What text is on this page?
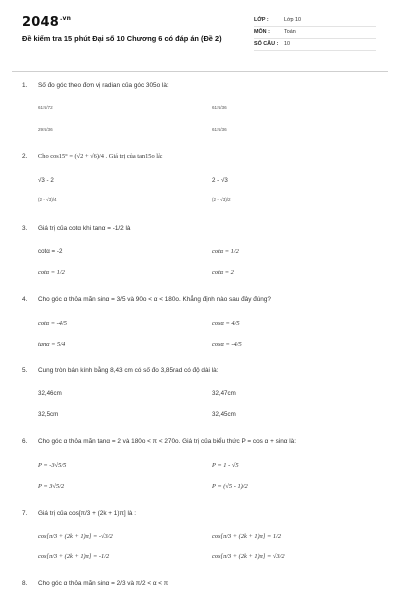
$2048^{.vn}$
Đề kiểm tra 15 phút Đại số 10 Chương 6 có đáp án (Đề 2)
LỚP :	Lớp 10
MÔN :	Toán
SỐ CÂU : 10
1. Số đo góc theo đơn vị radian của góc 305o là:
61π/72	61π/36
29π/36	61π/36
2. Cho cos15° = (√2 + √6)/4 . Giá trị của tan15o là:
√3 - 2	2 - √3
(2 - √3)/4	(2 - √3)/2
3. Giá trị của cotα khi tanα = -1/2 là
cotα = -2	cotα = 1/2
cotα = 1/2	cotα = 2
4. Cho góc α thỏa mãn sinα = 3/5 và 90o < α < 180o. Khẳng định nào sau đây đúng?
cotα = -4/5	cosα = 4/5
tanα = 5/4	cosα = -4/5
5. Cung tròn bán kính bằng 8,43 cm có số đo 3,85rad có độ dài là:
32,46cm	32,47cm
32,5cm	32,45cm
6. Cho góc α thỏa mãn tanα = 2 và 180o < π < 270o. Giá trị của biểu thức P = cos α + sinα là:
P = -3√5/5	P = 1 - √5
P = 3√5/2	P = (√5 - 1)/2
7. Giá trị của cos[π/3 + (2k + 1)π] là :
cos[π/3 + (2k + 1)π] = -√3/2	cos[π/3 + (2k + 1)π] = 1/2
cos[π/3 + (2k + 1)π] = -1/2	cos[π/3 + (2k + 1)π] = √3/2
8. Cho góc α thỏa mãn sinα = 2/3 và π/2 < α < π
